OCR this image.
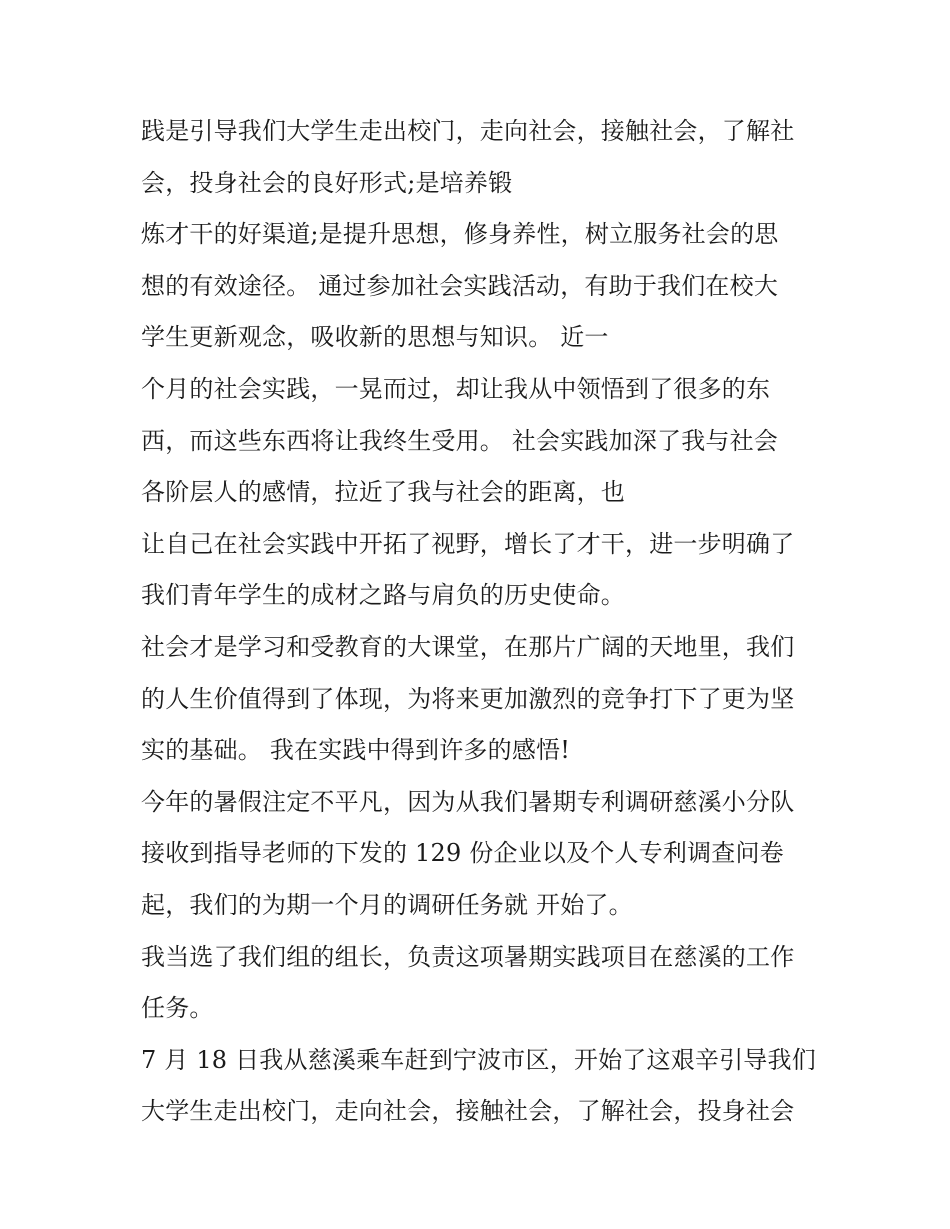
践是引导我们大学生走出校门，走向社会，接触社会，了解社
会，投身社会的良好形式;是培养锻
炼才干的好渠道;是提升思想，修身养性，树立服务社会的思
想的有效途径。 通过参加社会实践活动，有助于我们在校大
学生更新观念，吸收新的思想与知识。 近一
个月的社会实践，一晃而过，却让我从中领悟到了很多的东
西，而这些东西将让我终生受用。 社会实践加深了我与社会
各阶层人的感情，拉近了我与社会的距离，也
让自己在社会实践中开拓了视野，增长了才干，进一步明确了
我们青年学生的成材之路与肩负的历史使命。
社会才是学习和受教育的大课堂，在那片广阔的天地里，我们
的人生价值得到了体现，为将来更加激烈的竞争打下了更为坚
实的基础。 我在实践中得到许多的感悟!
今年的暑假注定不平凡，因为从我们暑期专利调研慈溪小分队
接收到指导老师的下发的 129 份企业以及个人专利调查问卷
起，我们的为期一个月的调研任务就 开始了。
我当选了我们组的组长，负责这项暑期实践项目在慈溪的工作
任务。
7 月 18 日我从慈溪乘车赶到宁波市区，开始了这艰辛引导我们
大学生走出校门，走向社会，接触社会，了解社会，投身社会
